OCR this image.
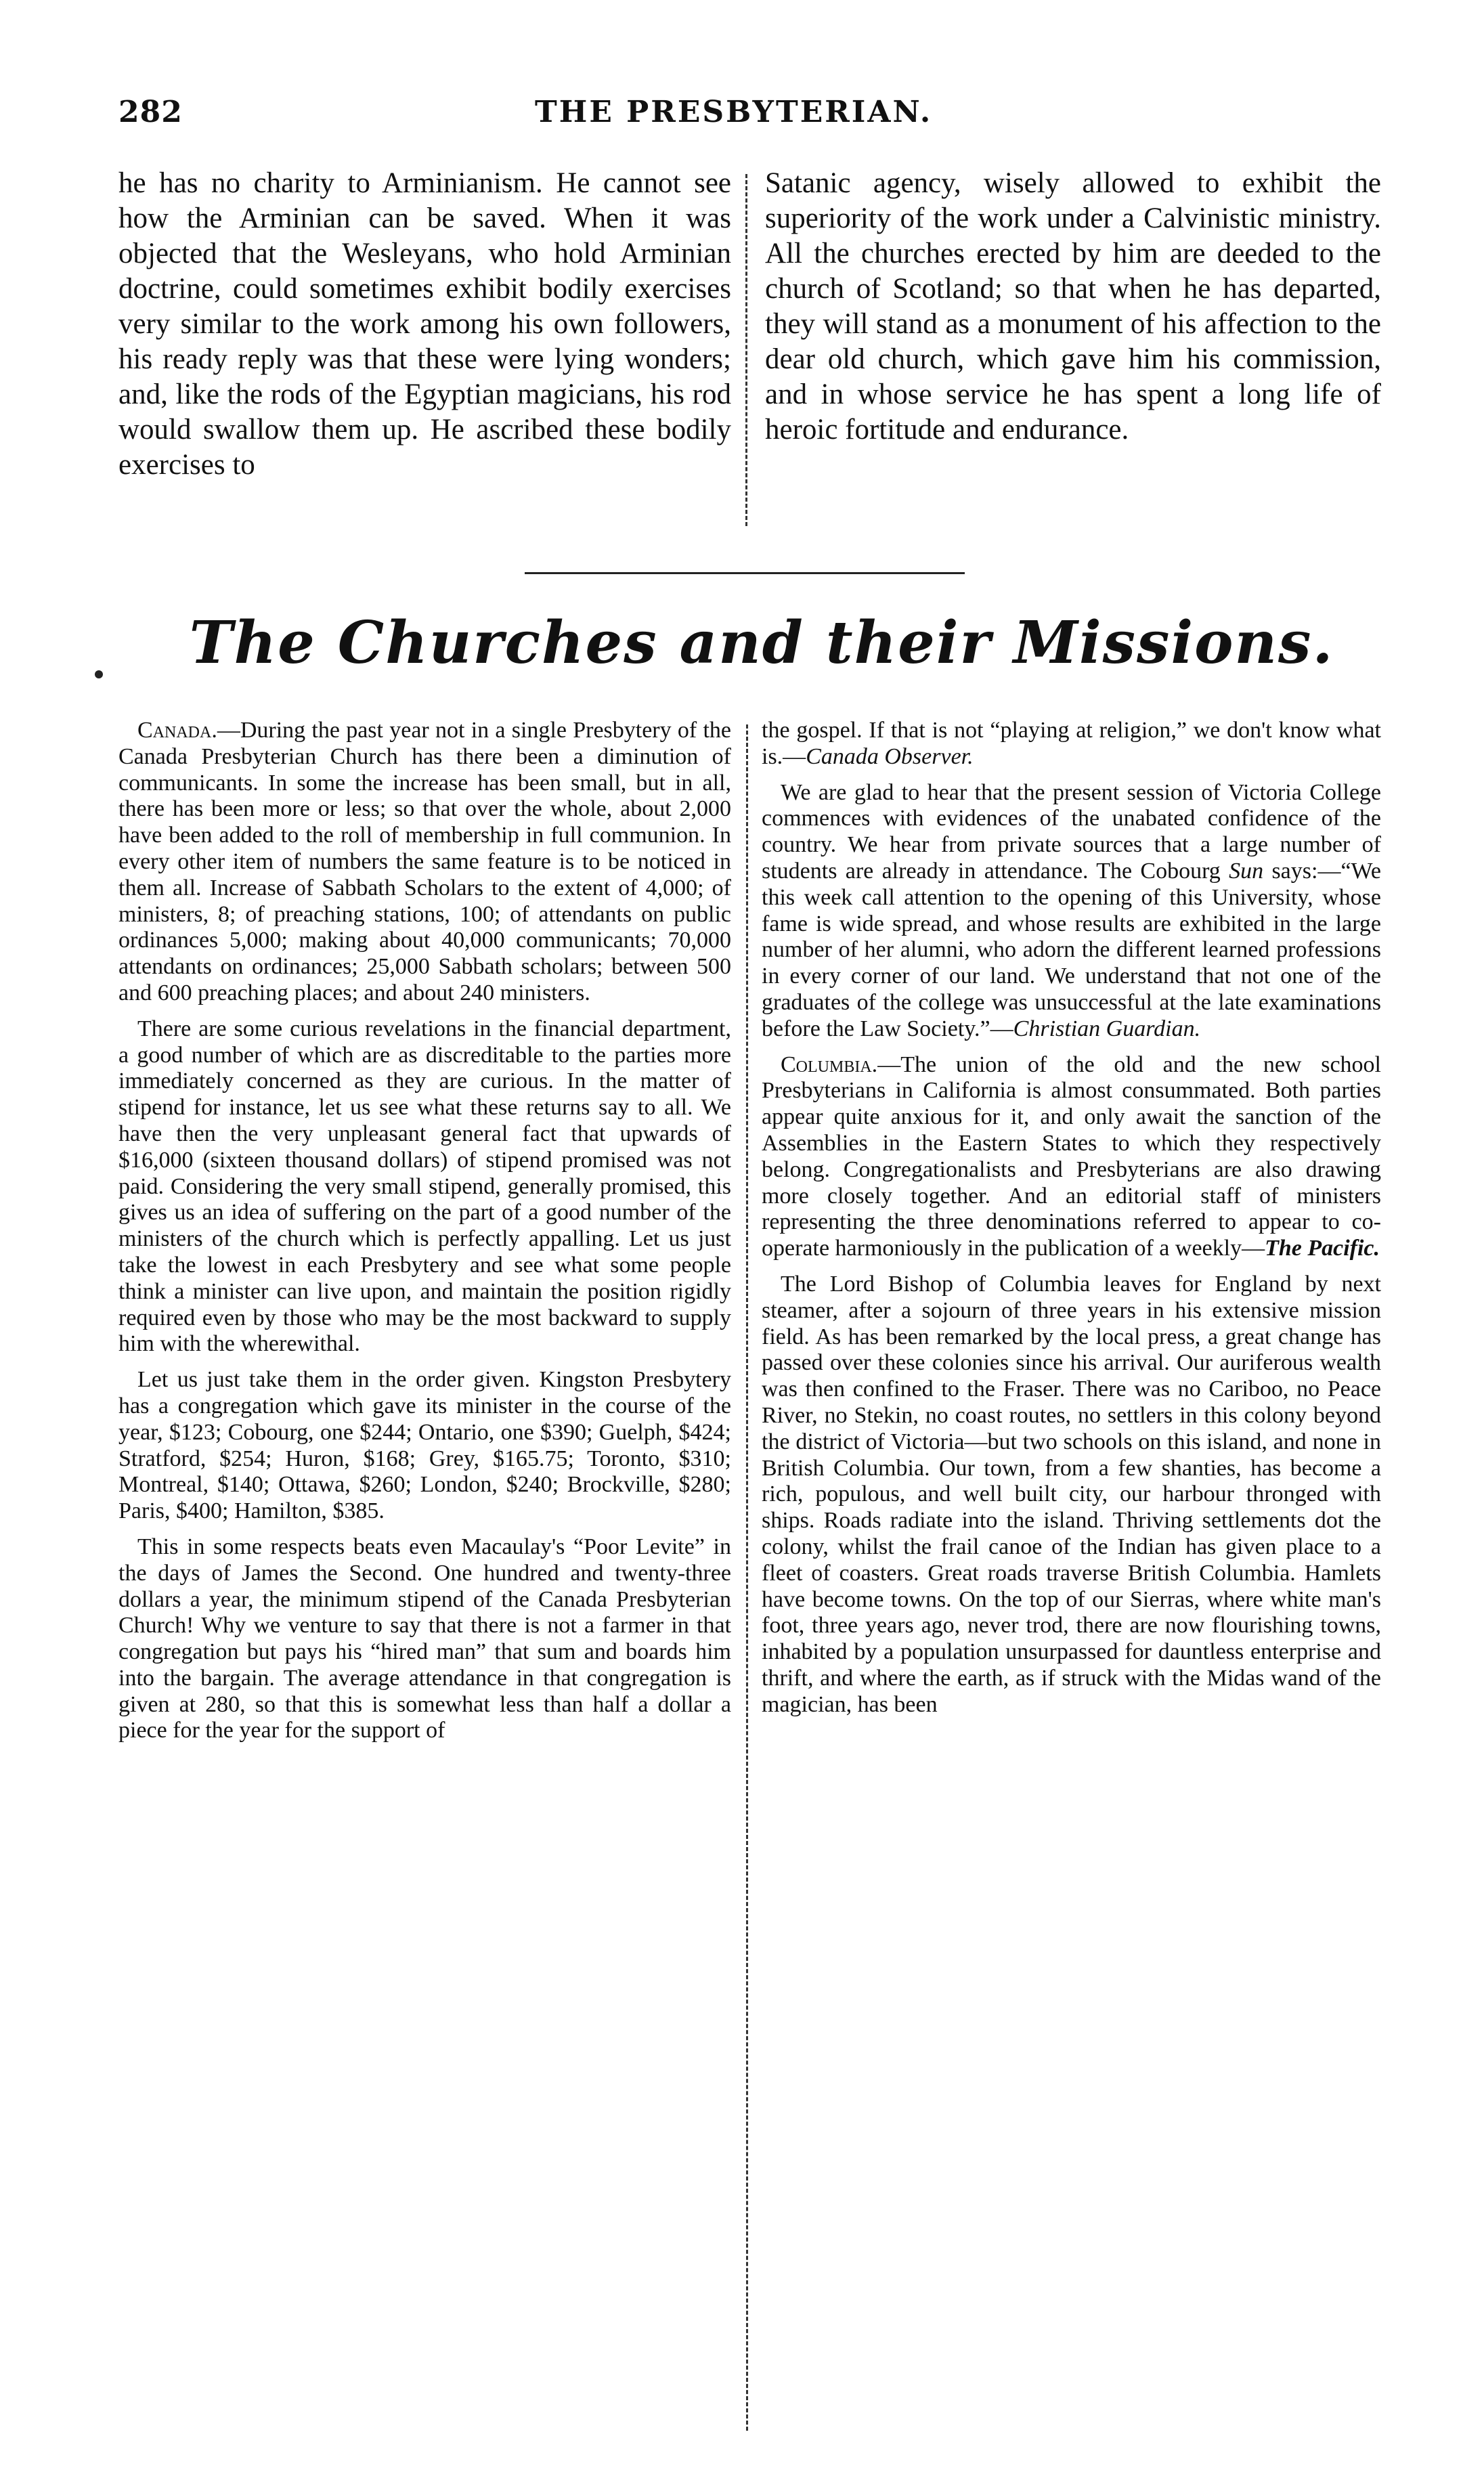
282	THE PRESBYTERIAN.
he has no charity to Arminianism. He cannot see how the Arminian can be saved. When it was objected that the Wesleyans, who hold Arminian doctrine, could sometimes exhibit bodily exercises very similar to the work among his own followers, his ready reply was that these were lying wonders; and, like the rods of the Egyptian magicians, his rod would swallow them up. He ascribed these bodily exercises to
Satanic agency, wisely allowed to exhibit the superiority of the work under a Calvinistic ministry. All the churches erected by him are deeded to the church of Scotland; so that when he has departed, they will stand as a monument of his affection to the dear old church, which gave him his commission, and in whose service he has spent a long life of heroic fortitude and endurance.
The Churches and their Missions.

Canada.—During the past year not in a single Presbytery of the Canada Presbyterian Church has there been a diminution of communicants. In some the increase has been small, but in all, there has been more or less; so that over the whole, about 2,000 have been added to the roll of membership in full communion. In every other item of numbers the same feature is to be noticed in them all. Increase of Sabbath Scholars to the extent of 4,000; of ministers, 8; of preaching stations, 100; of attendants on public ordinances 5,000; making about 40,000 communicants; 70,000 attendants on ordinances; 25,000 Sabbath scholars; between 500 and 600 preaching places; and about 240 ministers.

There are some curious revelations in the financial department, a good number of which are as discreditable to the parties more immediately concerned as they are curious. In the matter of stipend for instance, let us see what these returns say to all. We have then the very unpleasant general fact that upwards of $16,000 (sixteen thousand dollars) of stipend promised was not paid. Considering the very small stipend, generally promised, this gives us an idea of suffering on the part of a good number of the ministers of the church which is perfectly appalling. Let us just take the lowest in each Presbytery and see what some people think a minister can live upon, and maintain the position rigidly required even by those who may be the most backward to supply him with the wherewithal.

Let us just take them in the order given. Kingston Presbytery has a congregation which gave its minister in the course of the year, $123; Cobourg, one $244; Ontario, one $390; Guelph, $424; Stratford, $254; Huron, $168; Grey, $165.75; Toronto, $310; Montreal, $140; Ottawa, $260; London, $240; Brockville, $280; Paris, $400; Hamilton, $385.

This in some respects beats even Macaulay's “Poor Levite” in the days of James the Second. One hundred and twenty-three dollars a year, the minimum stipend of the Canada Presbyterian Church! Why we venture to say that there is not a farmer in that congregation but pays his “hired man” that sum and boards him into the bargain. The average attendance in that congregation is given at 280, so that this is somewhat less than half a dollar a piece for the year for the support of

the gospel. If that is not “playing at religion,” we don't know what is.—Canada Observer.

We are glad to hear that the present session of Victoria College commences with evidences of the unabated confidence of the country. We hear from private sources that a large number of students are already in attendance. The Cobourg Sun says:—“We this week call attention to the opening of this University, whose fame is wide spread, and whose results are exhibited in the large number of her alumni, who adorn the different learned professions in every corner of our land. We understand that not one of the graduates of the college was unsuccessful at the late examinations before the Law Society.”—Christian Guardian.

Columbia.—The union of the old and the new school Presbyterians in California is almost consummated. Both parties appear quite anxious for it, and only await the sanction of the Assemblies in the Eastern States to which they respectively belong. Congregationalists and Presbyterians are also drawing more closely together. And an editorial staff of ministers representing the three denominations referred to appear to co-operate harmoniously in the publication of a weekly—The Pacific.

The Lord Bishop of Columbia leaves for England by next steamer, after a sojourn of three years in his extensive mission field. As has been remarked by the local press, a great change has passed over these colonies since his arrival. Our auriferous wealth was then confined to the Fraser. There was no Cariboo, no Peace River, no Stekin, no coast routes, no settlers in this colony beyond the district of Victoria—but two schools on this island, and none in British Columbia. Our town, from a few shanties, has become a rich, populous, and well built city, our harbour thronged with ships. Roads radiate into the island. Thriving settlements dot the colony, whilst the frail canoe of the Indian has given place to a fleet of coasters. Great roads traverse British Columbia. Hamlets have become towns. On the top of our Sierras, where white man's foot, three years ago, never trod, there are now flourishing towns, inhabited by a population unsurpassed for dauntless enterprise and thrift, and where the earth, as if struck with the Midas wand of the magician, has been
